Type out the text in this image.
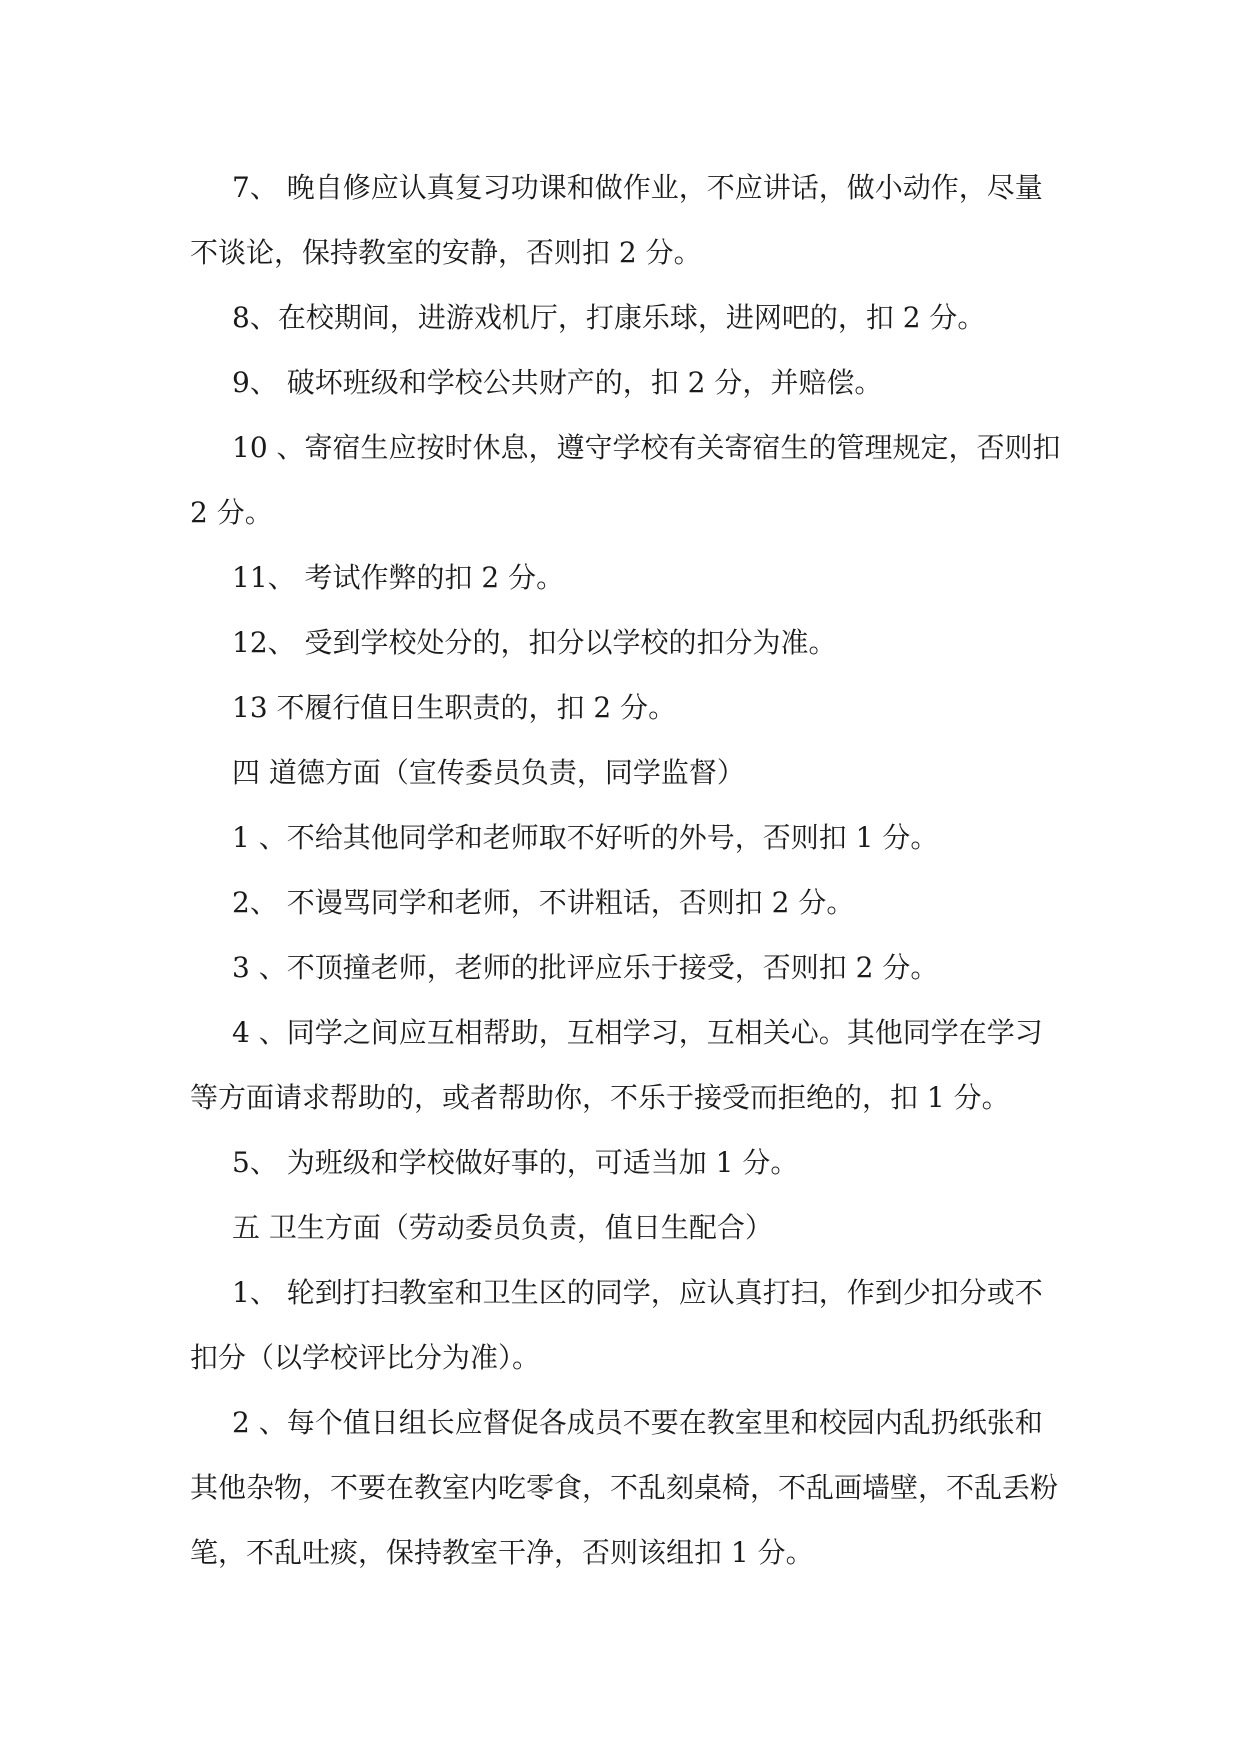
7、 晚自修应认真复习功课和做作业，不应讲话，做小动作，尽量不谈论，保持教室的安静，否则扣 2 分。

8、在校期间，进游戏机厅，打康乐球，进网吧的，扣 2 分。

9、 破坏班级和学校公共财产的，扣 2 分，并赔偿。

10 、寄宿生应按时休息，遵守学校有关寄宿生的管理规定，否则扣 2 分。

11、 考试作弊的扣 2 分。

12、 受到学校处分的，扣分以学校的扣分为准。

13 不履行值日生职责的，扣 2 分。

四 道德方面（宣传委员负责，同学监督）

1 、不给其他同学和老师取不好听的外号，否则扣 1 分。

2、 不谩骂同学和老师，不讲粗话，否则扣 2 分。

3 、不顶撞老师，老师的批评应乐于接受，否则扣 2 分。

4 、同学之间应互相帮助，互相学习，互相关心。其他同学在学习等方面请求帮助的，或者帮助你，不乐于接受而拒绝的，扣 1 分。

5、 为班级和学校做好事的，可适当加 1 分。

五 卫生方面（劳动委员负责，值日生配合）

1、 轮到打扫教室和卫生区的同学，应认真打扫，作到少扣分或不扣分（以学校评比分为准）。

2 、每个值日组长应督促各成员不要在教室里和校园内乱扔纸张和其他杂物，不要在教室内吃零食，不乱刻桌椅，不乱画墙壁，不乱丢粉笔，不乱吐痰，保持教室干净，否则该组扣 1 分。
